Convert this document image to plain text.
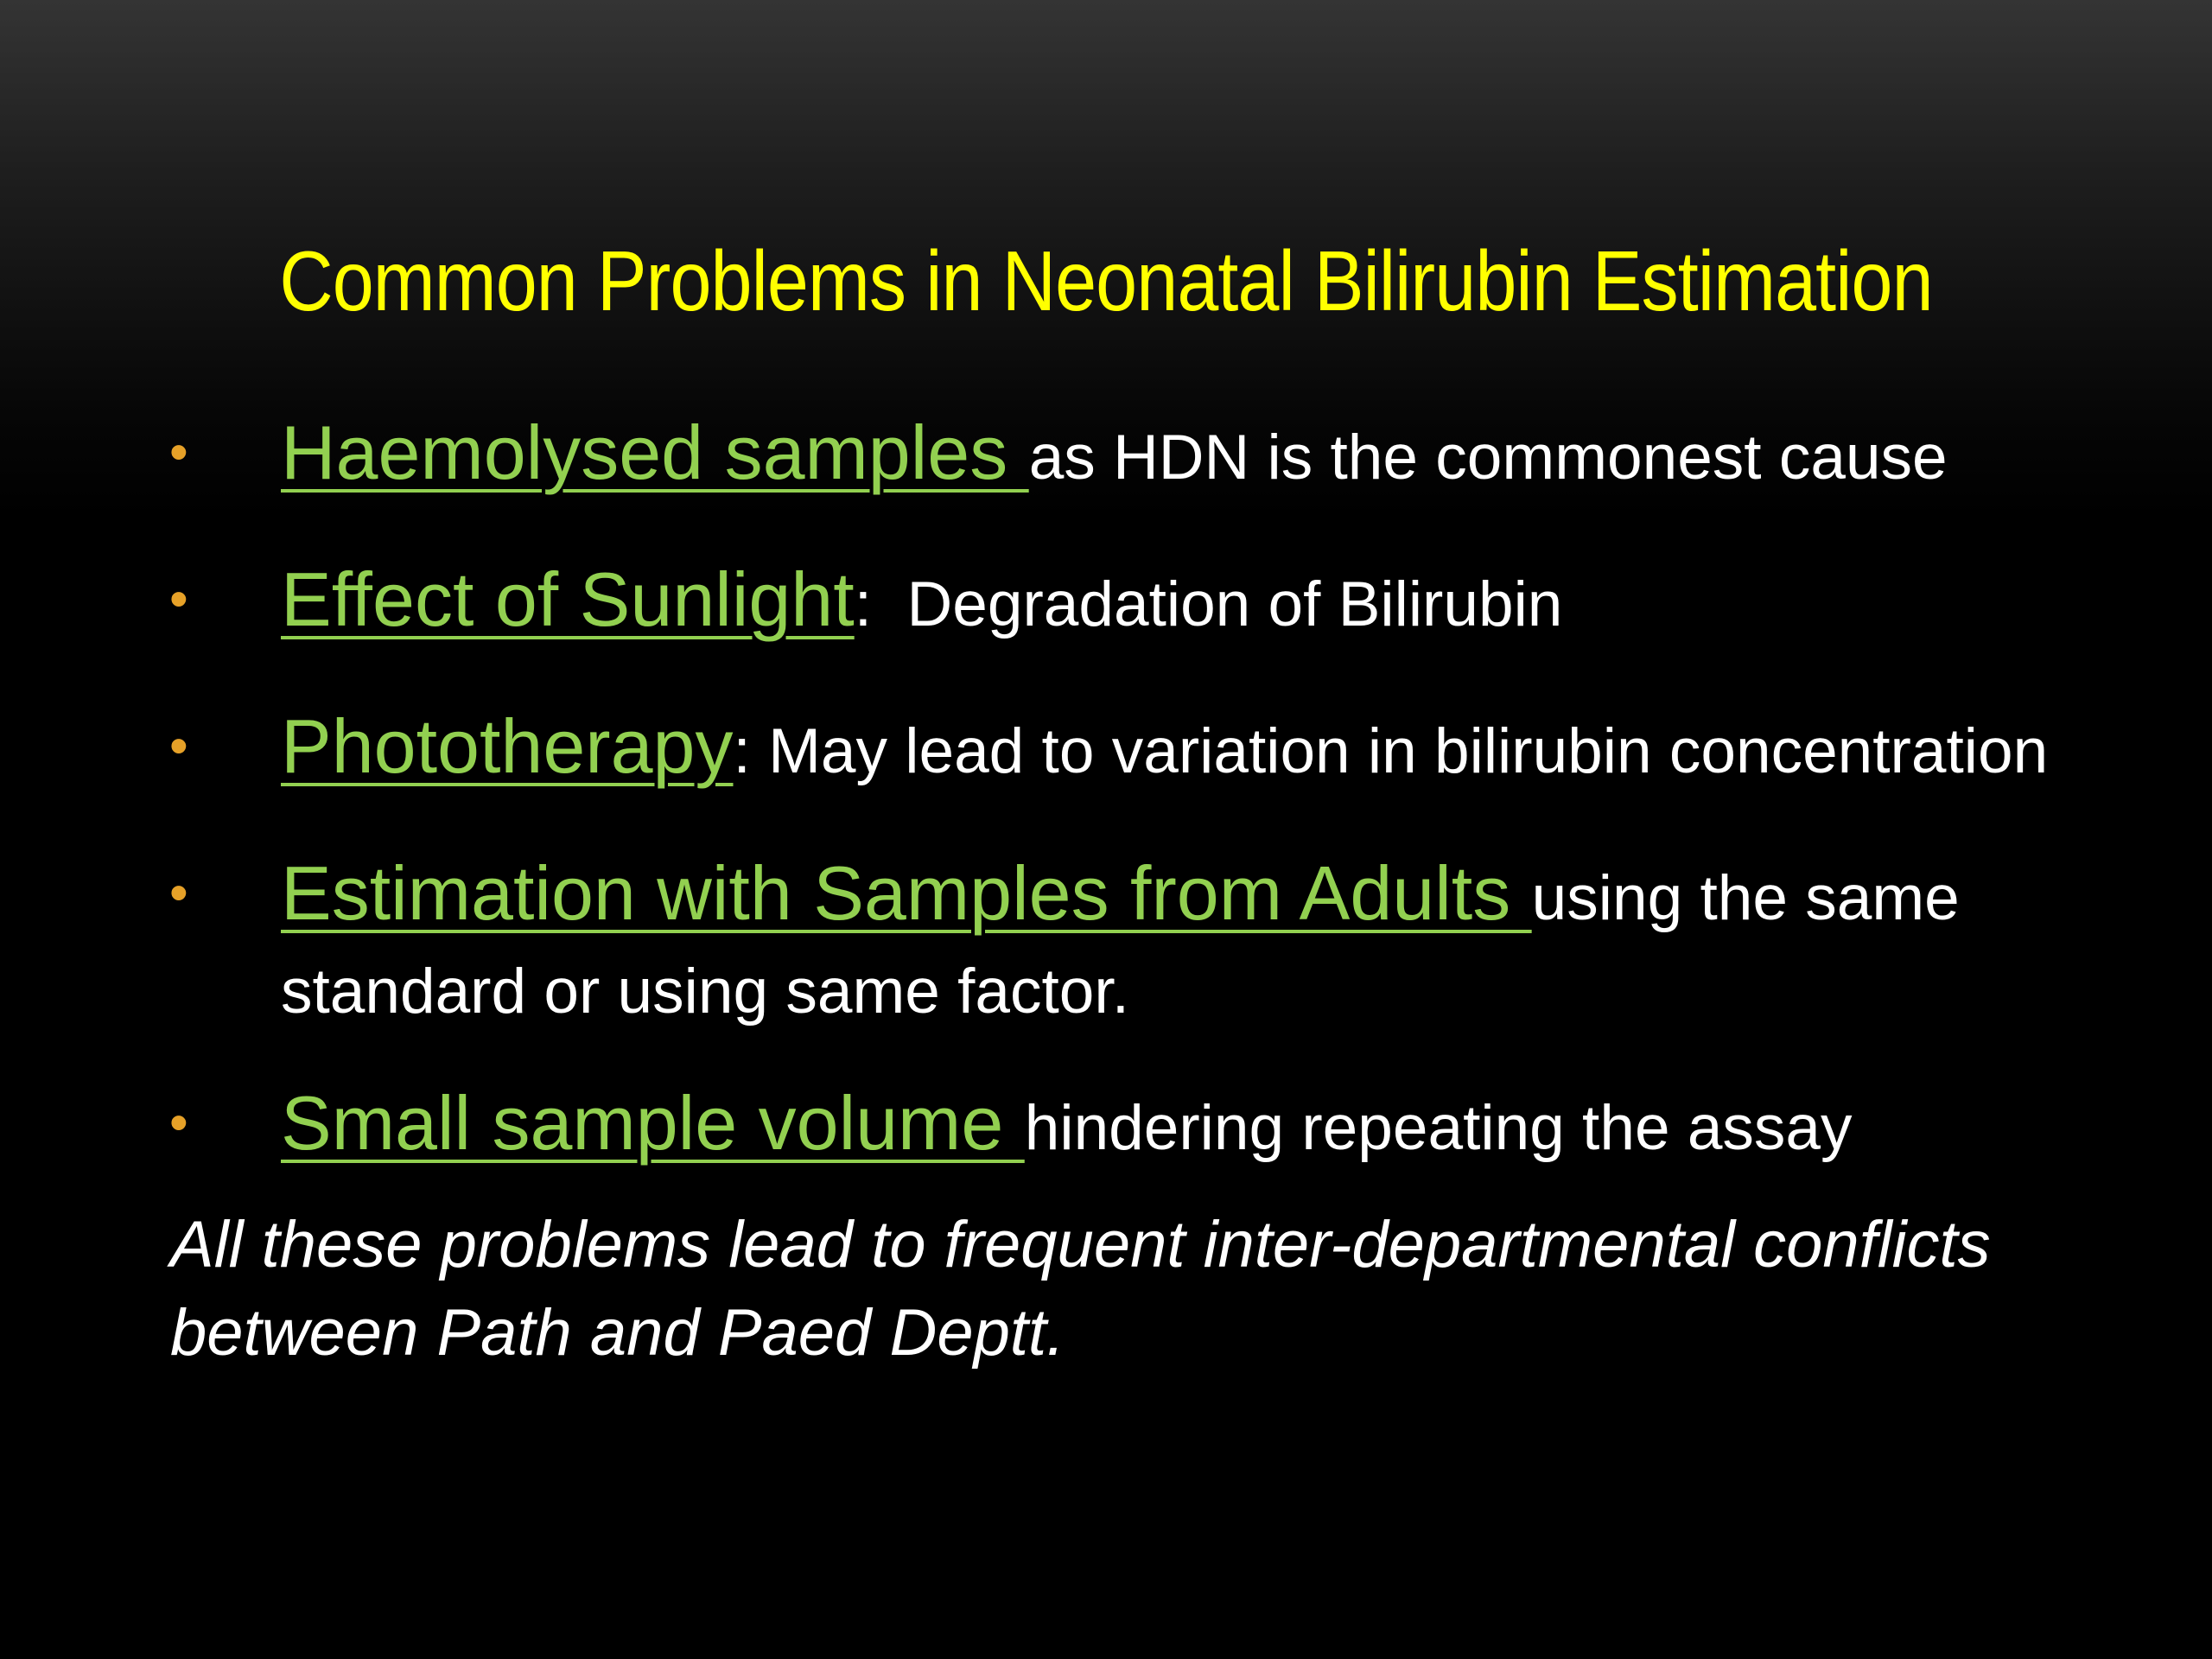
Common Problems in Neonatal Bilirubin Estimation
• Haemolysed samples as HDN is the commonest cause
• Effect of Sunlight:  Degradation of Bilirubin
• Phototherapy: May lead to variation in bilirubin concentration
• Estimation with Samples from Adults using the same
standard or using same factor.
• Small sample volume hindering repeating the assay

All these problems lead to frequent inter-departmental conflicts
between Path and Paed Deptt.
